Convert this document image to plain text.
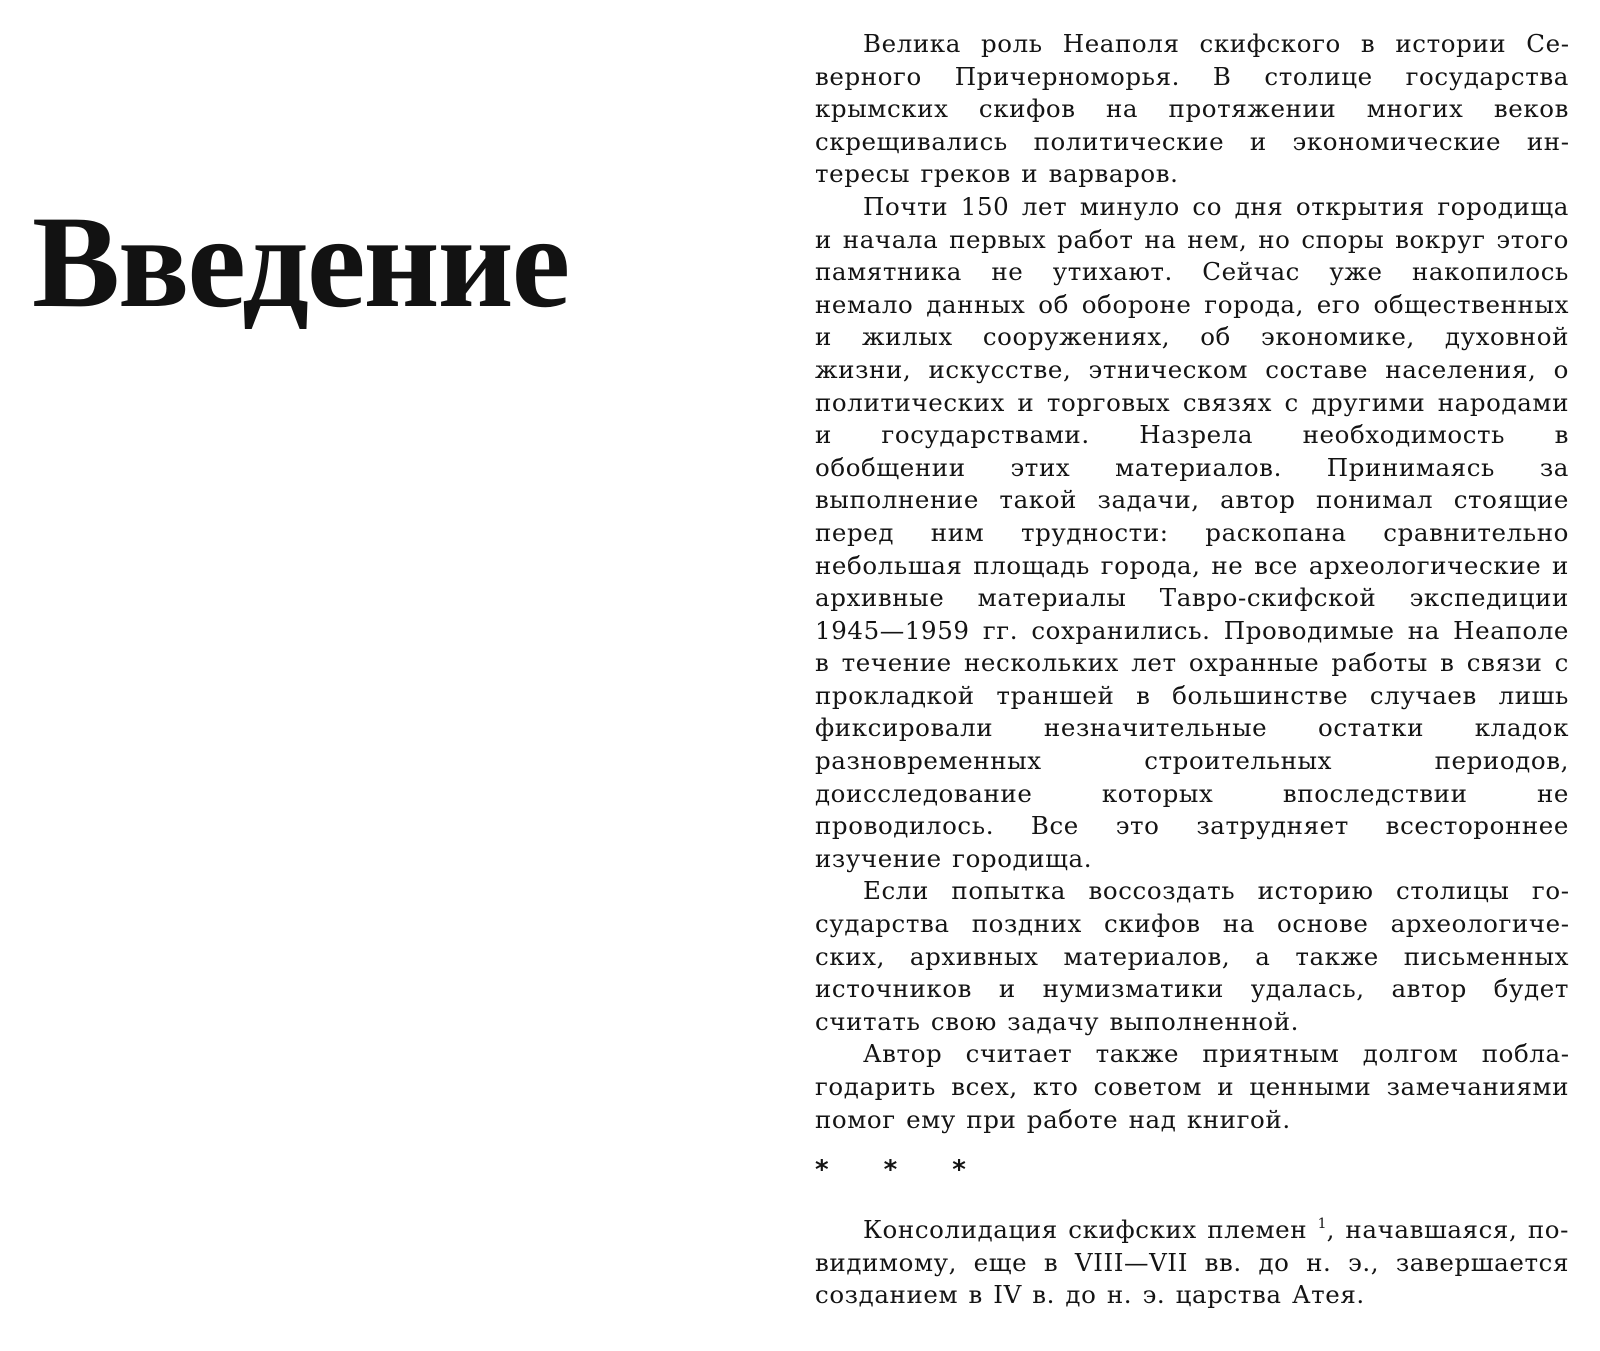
Введение

Велика роль Неаполя скифского в истории Северного Причерноморья. В столице государства крымских скифов на протяжении многих веков скрещивались политические и экономические интересы греков и варваров.

Почти 150 лет минуло со дня открытия городища и начала первых работ на нем, но споры вокруг этого памятника не утихают. Сейчас уже накопилось немало данных об обороне города, его общественных и жилых сооружениях, об экономике, духовной жизни, искусстве, этническом составе населения, о политических и торговых связях с другими народами и государствами. Назрела необходимость в обобщении этих материалов. Принимаясь за выполнение такой задачи, автор понимал стоящие перед ним трудности: раскопана сравнительно небольшая площадь города, не все археологические и архивные материалы Тавро-скифской экспедиции 1945—1959 гг. сохранились. Проводимые на Неаполе в течение нескольких лет охранные работы в связи с прокладкой траншей в большинстве случаев лишь фиксировали незначительные остатки кладок разновременных строительных периодов, доисследование которых впоследствии не проводилось. Все это затрудняет всестороннее изучение городища.

Если попытка воссоздать историю столицы государства поздних скифов на основе археологических, архивных материалов, а также письменных источников и нумизматики удалась, автор будет считать свою задачу выполненной.

Автор считает также приятным долгом поблагодарить всех, кто советом и ценными замечаниями помог ему при работе над книгой.

* * *

Консолидация скифских племен $^1$, начавшаяся, по-видимому, еще в VIII—VII вв. до н. э., завершается созданием в IV в. до н. э. царства Атея.
